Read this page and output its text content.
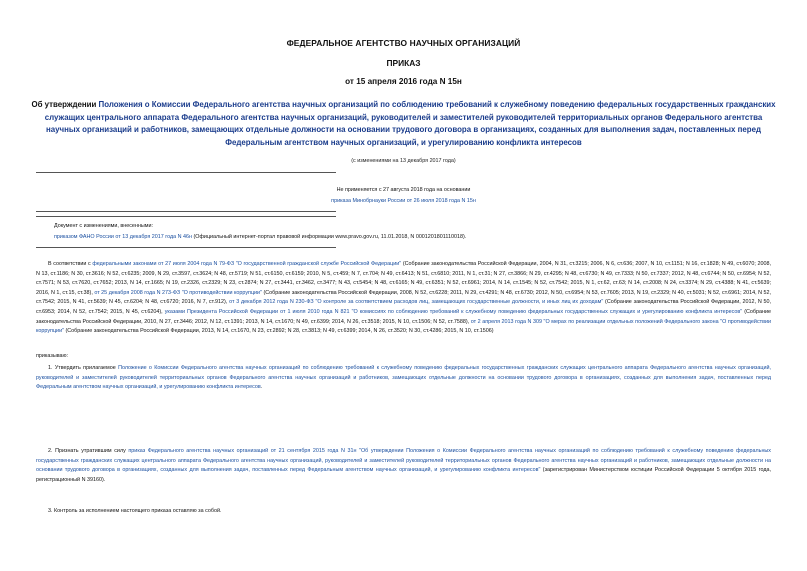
ФЕДЕРАЛЬНОЕ АГЕНТСТВО НАУЧНЫХ ОРГАНИЗАЦИЙ
ПРИКАЗ
от 15 апреля 2016 года N 15н
Об утверждении Положения о Комиссии Федерального агентства научных организаций по соблюдению требований к служебному поведению федеральных государственных гражданских служащих центрального аппарата Федерального агентства научных организаций, руководителей и заместителей руководителей территориальных органов Федерального агентства научных организаций и работников, замещающих отдельные должности на основании трудового договора в организациях, созданных для выполнения задач, поставленных перед Федеральным агентством научных организаций, и урегулированию конфликта интересов
(с изменениями на 13 декабря 2017 года)
Не применяется с 27 августа 2018 года на основании
приказа Минобрнауки России от 26 июля 2018 года N 15н
Документ с изменениями, внесенными:
приказом ФАНО России от 13 декабря 2017 года N 46н (Официальный интернет-портал правовой информации www.pravo.gov.ru, 11.01.2018, N 0001201801110018).
В соответствии с федеральными законами от 27 июля 2004 года N 79-ФЗ "О государственной гражданской службе Российской Федерации" (Собрание законодательства Российской Федерации, 2004, N 31, ст.3215; 2006, N 6, ст.636; 2007, N 10, ст.1151; N 16, ст.1828; N 49, ст.6070; 2008, N 13, ст.1186; N 30, ст.3616; N 52, ст.6235; 2009, N 29, ст.3597, ст.3624; N 48, ст.5719; N 51, ст.6150, ст.6159; 2010, N 5, ст.459; N 7, ст.704; N 49, ст.6413; N 51, ст.6810; 2011, N 1, ст.31; N 27, ст.3866; N 29, ст.4295; N 48, ст.6730; N 49, ст.7333; N 50, ст.7337; 2012, N 48, ст.6744; N 50, ст.6954; N 52, ст.7571; N 53, ст.7620, ст.7652; 2013, N 14, ст.1665; N 19, ст.2326, ст.2329; N 23, ст.2874; N 27, ст.3441, ст.3462, ст.3477; N 43, ст.5454; N 48, ст.6165; N 49, ст.6351; N 52, ст.6961; 2014, N 14, ст.1545; N 52, ст.7542; 2015, N 1, ст.62, ст.63; N 14, ст.2008; N 24, ст.3374; N 29, ст.4388; N 41, ст.5639; 2016, N 1, ст.15, ст.38), от 25 декабря 2008 года N 273-ФЗ "О противодействии коррупции" (Собрание законодательства Российской Федерации, 2008, N 52, ст.6228; 2011, N 29, ст.4291; N 48, ст.6730; 2012, N 50, ст.6954; N 53, ст.7605; 2013, N 19, ст.2329; N 40, ст.5031; N 52, ст.6961; 2014, N 52, ст.7542; 2015, N 41, ст.5639; N 45, ст.6204; N 48, ст.6720; 2016, N 7, ст.912), от 3 декабря 2012 года N 230-ФЗ "О контроле за соответствием расходов лиц, замещающих государственные должности, и иных лиц их доходам" (Собрание законодательства Российской Федерации, 2012, N 50, ст.6953; 2014, N 52, ст.7542; 2015, N 45, ст.6204), указами Президента Российской Федерации от 1 июля 2010 года N 821 "О комиссиях по соблюдению требований к служебному поведению федеральных государственных служащих и урегулированию конфликта интересов" (Собрание законодательства Российской Федерации, 2010, N 27, ст.3446; 2012, N 12, ст.1391; 2013, N 14, ст.1670; N 49, ст.6399; 2014, N 26, ст.3518; 2015, N 10, ст.1506; N 52, ст.7588), от 2 апреля 2013 года N 309 "О мерах по реализации отдельных положений Федерального закона "О противодействии коррупции" (Собрание законодательства Российской Федерации, 2013, N 14, ст.1670, N 23, ст.2892; N 28, ст.3813; N 49, ст.6399; 2014, N 26, ст.3520; N 30, ст.4286; 2015, N 10, ст.1506)
приказываю:
1. Утвердить прилагаемое Положение о Комиссии Федерального агентства научных организаций по соблюдению требований к служебному поведению федеральных государственных гражданских служащих центрального аппарата Федерального агентства научных организаций, руководителей и заместителей руководителей территориальных органов Федерального агентства научных организаций и работников, замещающих отдельные должности на основании трудового договора в организациях, созданных для выполнения задач, поставленных перед Федеральным агентством научных организаций, и урегулированию конфликта интересов.
2. Признать утратившим силу приказ Федерального агентства научных организаций от 21 сентября 2015 года N 31н "Об утверждении Положения о Комиссии Федерального агентства научных организаций по соблюдению требований к служебному поведению федеральных государственных гражданских служащих центрального аппарата Федерального агентства научных организаций, руководителей и заместителей руководителей территориальных органов Федерального агентства научных организаций и работников, замещающих отдельные должности на основании трудового договора в организациях, созданных для выполнения задач, поставленных перед Федеральным агентством научных организаций, и урегулированию конфликта интересов" (зарегистрирован Министерством юстиции Российской Федерации 5 октября 2015 года, регистрационный N 39160).
3. Контроль за исполнением настоящего приказа оставляю за собой.
